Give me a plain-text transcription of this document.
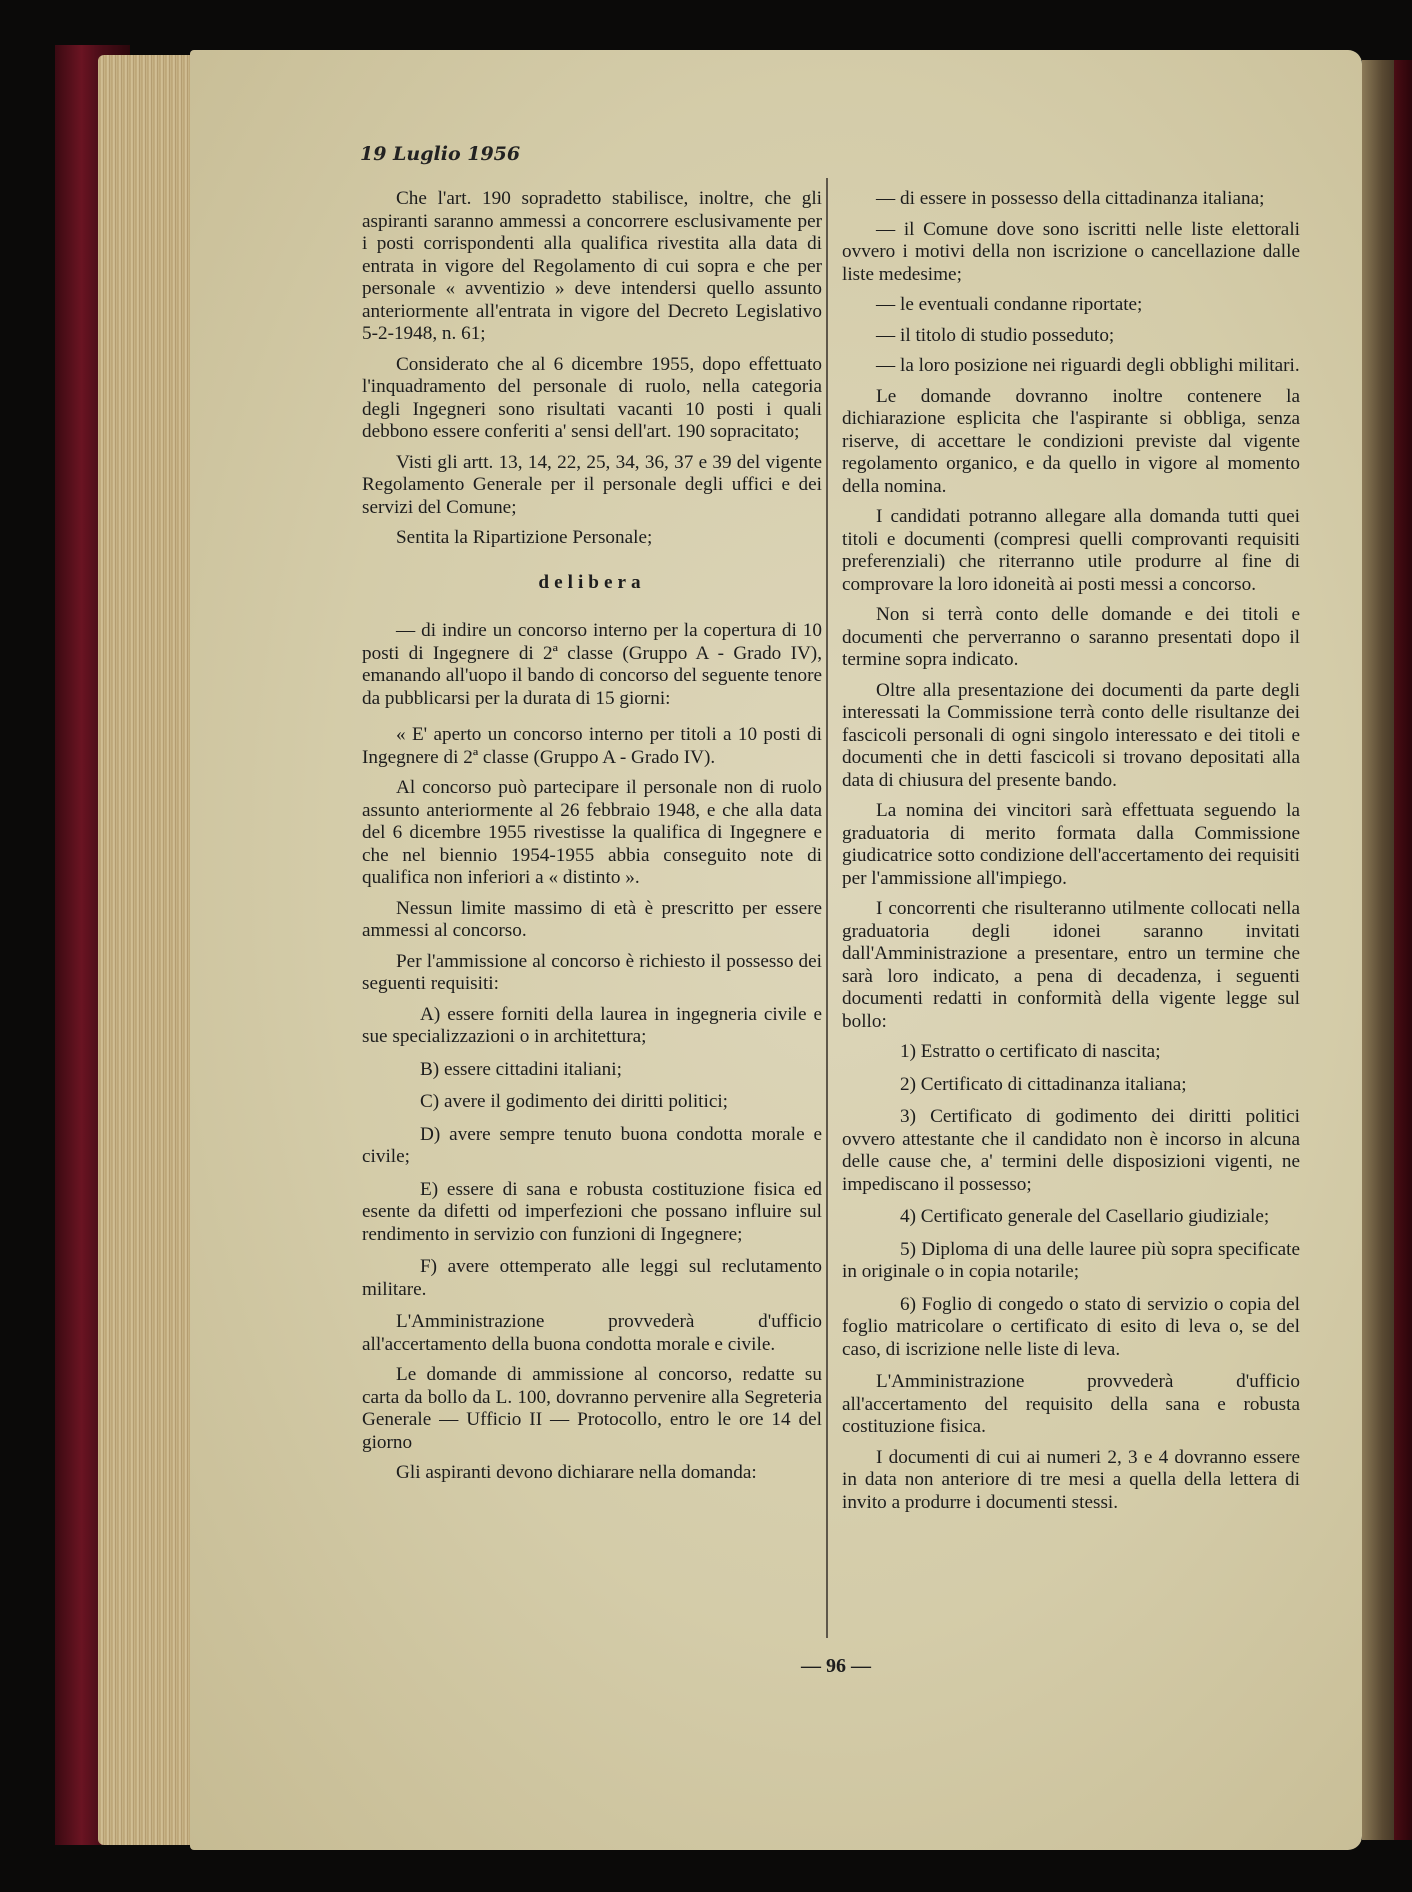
19 Luglio 1956

Che l'art. 190 sopradetto stabilisce, inoltre, che gli aspiranti saranno ammessi a concorrere esclusivamente per i posti corrispondenti alla qualifica rivestita alla data di entrata in vigore del Regolamento di cui sopra e che per personale « avventizio » deve intendersi quello assunto anteriormente all'entrata in vigore del Decreto Legislativo 5-2-1948, n. 61;

Considerato che al 6 dicembre 1955, dopo effettuato l'inquadramento del personale di ruolo, nella categoria degli Ingegneri sono risultati vacanti 10 posti i quali debbono essere conferiti a' sensi dell'art. 190 sopracitato;

Visti gli artt. 13, 14, 22, 25, 34, 36, 37 e 39 del vigente Regolamento Generale per il personale degli uffici e dei servizi del Comune;

Sentita la Ripartizione Personale;

delibera

— di indire un concorso interno per la copertura di 10 posti di Ingegnere di 2ª classe (Gruppo A - Grado IV), emanando all'uopo il bando di concorso del seguente tenore da pubblicarsi per la durata di 15 giorni:

« E' aperto un concorso interno per titoli a 10 posti di Ingegnere di 2ª classe (Gruppo A - Grado IV).

Al concorso può partecipare il personale non di ruolo assunto anteriormente al 26 febbraio 1948, e che alla data del 6 dicembre 1955 rivestisse la qualifica di Ingegnere e che nel biennio 1954-1955 abbia conseguito note di qualifica non inferiori a « distinto ».

Nessun limite massimo di età è prescritto per essere ammessi al concorso.

Per l'ammissione al concorso è richiesto il possesso dei seguenti requisiti:

A) essere forniti della laurea in ingegneria civile e sue specializzazioni o in architettura;

B) essere cittadini italiani;

C) avere il godimento dei diritti politici;

D) avere sempre tenuto buona condotta morale e civile;

E) essere di sana e robusta costituzione fisica ed esente da difetti od imperfezioni che possano influire sul rendimento in servizio con funzioni di Ingegnere;

F) avere ottemperato alle leggi sul reclutamento militare.

L'Amministrazione provvederà d'ufficio all'accertamento della buona condotta morale e civile.

Le domande di ammissione al concorso, redatte su carta da bollo da L. 100, dovranno pervenire alla Segreteria Generale — Ufficio II — Protocollo, entro le ore 14 del giorno

Gli aspiranti devono dichiarare nella domanda:

— di essere in possesso della cittadinanza italiana;

— il Comune dove sono iscritti nelle liste elettorali ovvero i motivi della non iscrizione o cancellazione dalle liste medesime;

— le eventuali condanne riportate;

— il titolo di studio posseduto;

— la loro posizione nei riguardi degli obblighi militari.

Le domande dovranno inoltre contenere la dichiarazione esplicita che l'aspirante si obbliga, senza riserve, di accettare le condizioni previste dal vigente regolamento organico, e da quello in vigore al momento della nomina.

I candidati potranno allegare alla domanda tutti quei titoli e documenti (compresi quelli comprovanti requisiti preferenziali) che riterranno utile produrre al fine di comprovare la loro idoneità ai posti messi a concorso.

Non si terrà conto delle domande e dei titoli e documenti che perverranno o saranno presentati dopo il termine sopra indicato.

Oltre alla presentazione dei documenti da parte degli interessati la Commissione terrà conto delle risultanze dei fascicoli personali di ogni singolo interessato e dei titoli e documenti che in detti fascicoli si trovano depositati alla data di chiusura del presente bando.

La nomina dei vincitori sarà effettuata seguendo la graduatoria di merito formata dalla Commissione giudicatrice sotto condizione dell'accertamento dei requisiti per l'ammissione all'impiego.

I concorrenti che risulteranno utilmente collocati nella graduatoria degli idonei saranno invitati dall'Amministrazione a presentare, entro un termine che sarà loro indicato, a pena di decadenza, i seguenti documenti redatti in conformità della vigente legge sul bollo:

1) Estratto o certificato di nascita;

2) Certificato di cittadinanza italiana;

3) Certificato di godimento dei diritti politici ovvero attestante che il candidato non è incorso in alcuna delle cause che, a' termini delle disposizioni vigenti, ne impediscano il possesso;

4) Certificato generale del Casellario giudiziale;

5) Diploma di una delle lauree più sopra specificate in originale o in copia notarile;

6) Foglio di congedo o stato di servizio o copia del foglio matricolare o certificato di esito di leva o, se del caso, di iscrizione nelle liste di leva.

L'Amministrazione provvederà d'ufficio all'accertamento del requisito della sana e robusta costituzione fisica.

I documenti di cui ai numeri 2, 3 e 4 dovranno essere in data non anteriore di tre mesi a quella della lettera di invito a produrre i documenti stessi.

— 96 —
